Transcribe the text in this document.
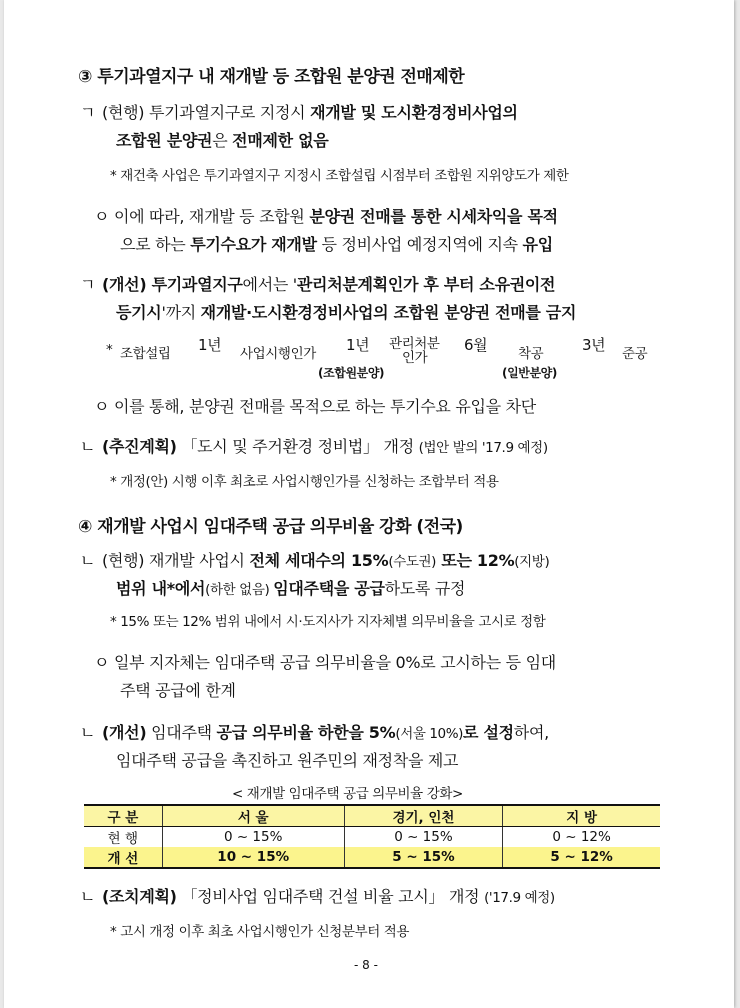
③ 투기과열지구 내 재개발 등 조합원 분양권 전매제한
ㄱ (현행) 투기과열지구로 지정시 재개발 및 도시환경정비사업의
조합원 분양권은 전매제한 없음
* 재건축 사업은 투기과열지구 지정시 조합설립 시점부터 조합원 지위양도가 제한
ㅇ 이에 따라, 재개발 등 조합원 분양권 전매를 통한 시세차익을 목적
으로 하는 투기수요가 재개발 등 정비사업 예정지역에 지속 유입
ㄱ (개선) 투기과열지구에서는 '관리처분계획인가 후 부터 소유권이전
등기시'까지 재개발·도시환경정비사업의 조합원 분양권 전매를 금지
* 조합설립 1년 사업시행인가 1년 관리처분
인가
6월 착공	3년 준공
(조합원분양)	(일반분양)
ㅇ 이를 통해, 분양권 전매를 목적으로 하는 투기수요 유입을 차단
ㄴ (추진계획) 「도시 및 주거환경 정비법」 개정 (법안 발의 '17.9 예정)
* 개정(안) 시행 이후 최초로 사업시행인가를 신청하는 조합부터 적용
④ 재개발 사업시 임대주택 공급 의무비율 강화 (전국)
ㄴ (현행) 재개발 사업시 전체 세대수의 15%(수도권) 또는 12%(지방)
범위 내*에서(하한 없음) 임대주택을 공급하도록 규정
* 15% 또는 12% 범위 내에서 시·도지사가 지자체별 의무비율을 고시로 정함
ㅇ 일부 지자체는 임대주택 공급 의무비율을 0%로 고시하는 등 임대
주택 공급에 한계
ㄴ (개선) 임대주택 공급 의무비율 하한을 5%(서울 10%)로 설정하여,
임대주택 공급을 촉진하고 원주민의 재정착을 제고
< 재개발 임대주택 공급 의무비율 강화>
구 분	서 울	경기, 인천	지 방
현 행	0 ~ 15%	0 ~ 15%	0 ~ 12%
개 선	10 ~ 15%	5 ~ 15%	5 ~ 12%
ㄴ (조치계획) 「정비사업 임대주택 건설 비율 고시」 개정 ('17.9 예정)
* 고시 개정 이후 최초 사업시행인가 신청분부터 적용
- 8 -
